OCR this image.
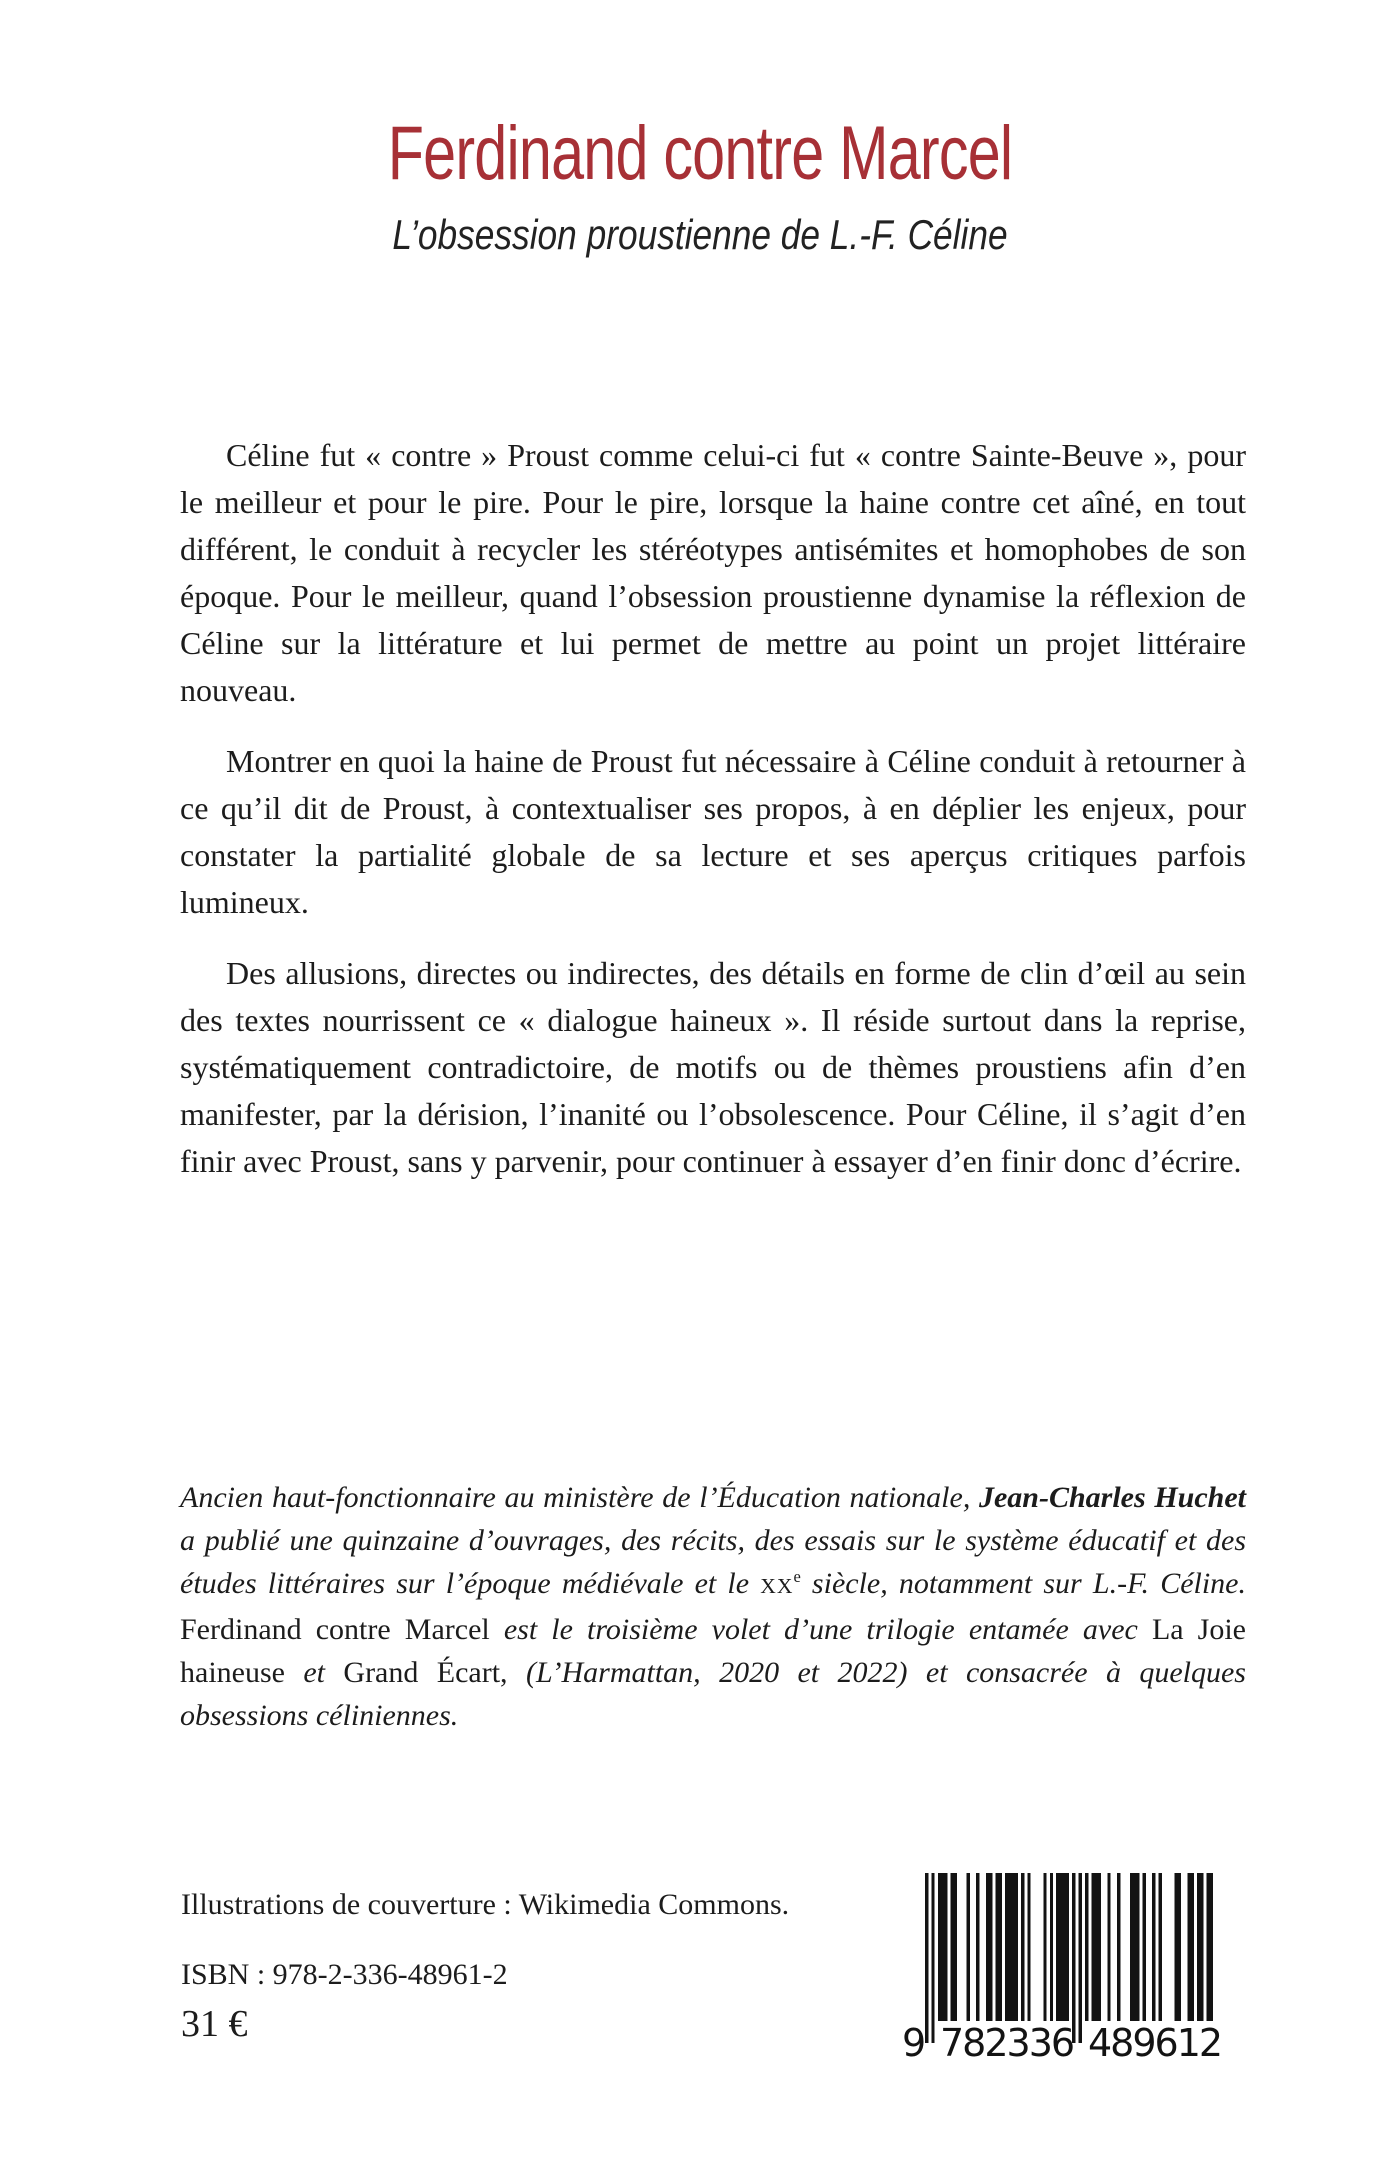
Ferdinand contre Marcel
L’obsession proustienne de L.-F. Céline

Céline fut « contre » Proust comme celui-ci fut « contre Sainte-Beuve », pour le meilleur et pour le pire. Pour le pire, lorsque la haine contre cet aîné, en tout différent, le conduit à recycler les stéréotypes antisémites et homophobes de son époque. Pour le meilleur, quand l’obsession proustienne dynamise la réflexion de Céline sur la littérature et lui permet de mettre au point un projet littéraire nouveau.

Montrer en quoi la haine de Proust fut nécessaire à Céline conduit à retourner à ce qu’il dit de Proust, à contextualiser ses propos, à en déplier les enjeux, pour constater la partialité globale de sa lecture et ses aperçus critiques parfois lumineux.

Des allusions, directes ou indirectes, des détails en forme de clin d’œil au sein des textes nourrissent ce « dialogue haineux ». Il réside surtout dans la reprise, systématiquement contradictoire, de motifs ou de thèmes proustiens afin d’en manifester, par la dérision, l’inanité ou l’obsolescence. Pour Céline, il s’agit d’en finir avec Proust, sans y parvenir, pour continuer à essayer d’en finir donc d’écrire.

Ancien haut-fonctionnaire au ministère de l’Éducation nationale, Jean-Charles Huchet a publié une quinzaine d’ouvrages, des récits, des essais sur le système éducatif et des études littéraires sur l’époque médiévale et le XXe siècle, notamment sur L.-F. Céline. Ferdinand contre Marcel est le troisième volet d’une trilogie entamée avec La Joie haineuse et Grand Écart, (L’Harmattan, 2020 et 2022) et consacrée à quelques obsessions céliniennes.

Illustrations de couverture : Wikimedia Commons.
ISBN : 978-2-336-48961-2
31 €	9 782336 489612
